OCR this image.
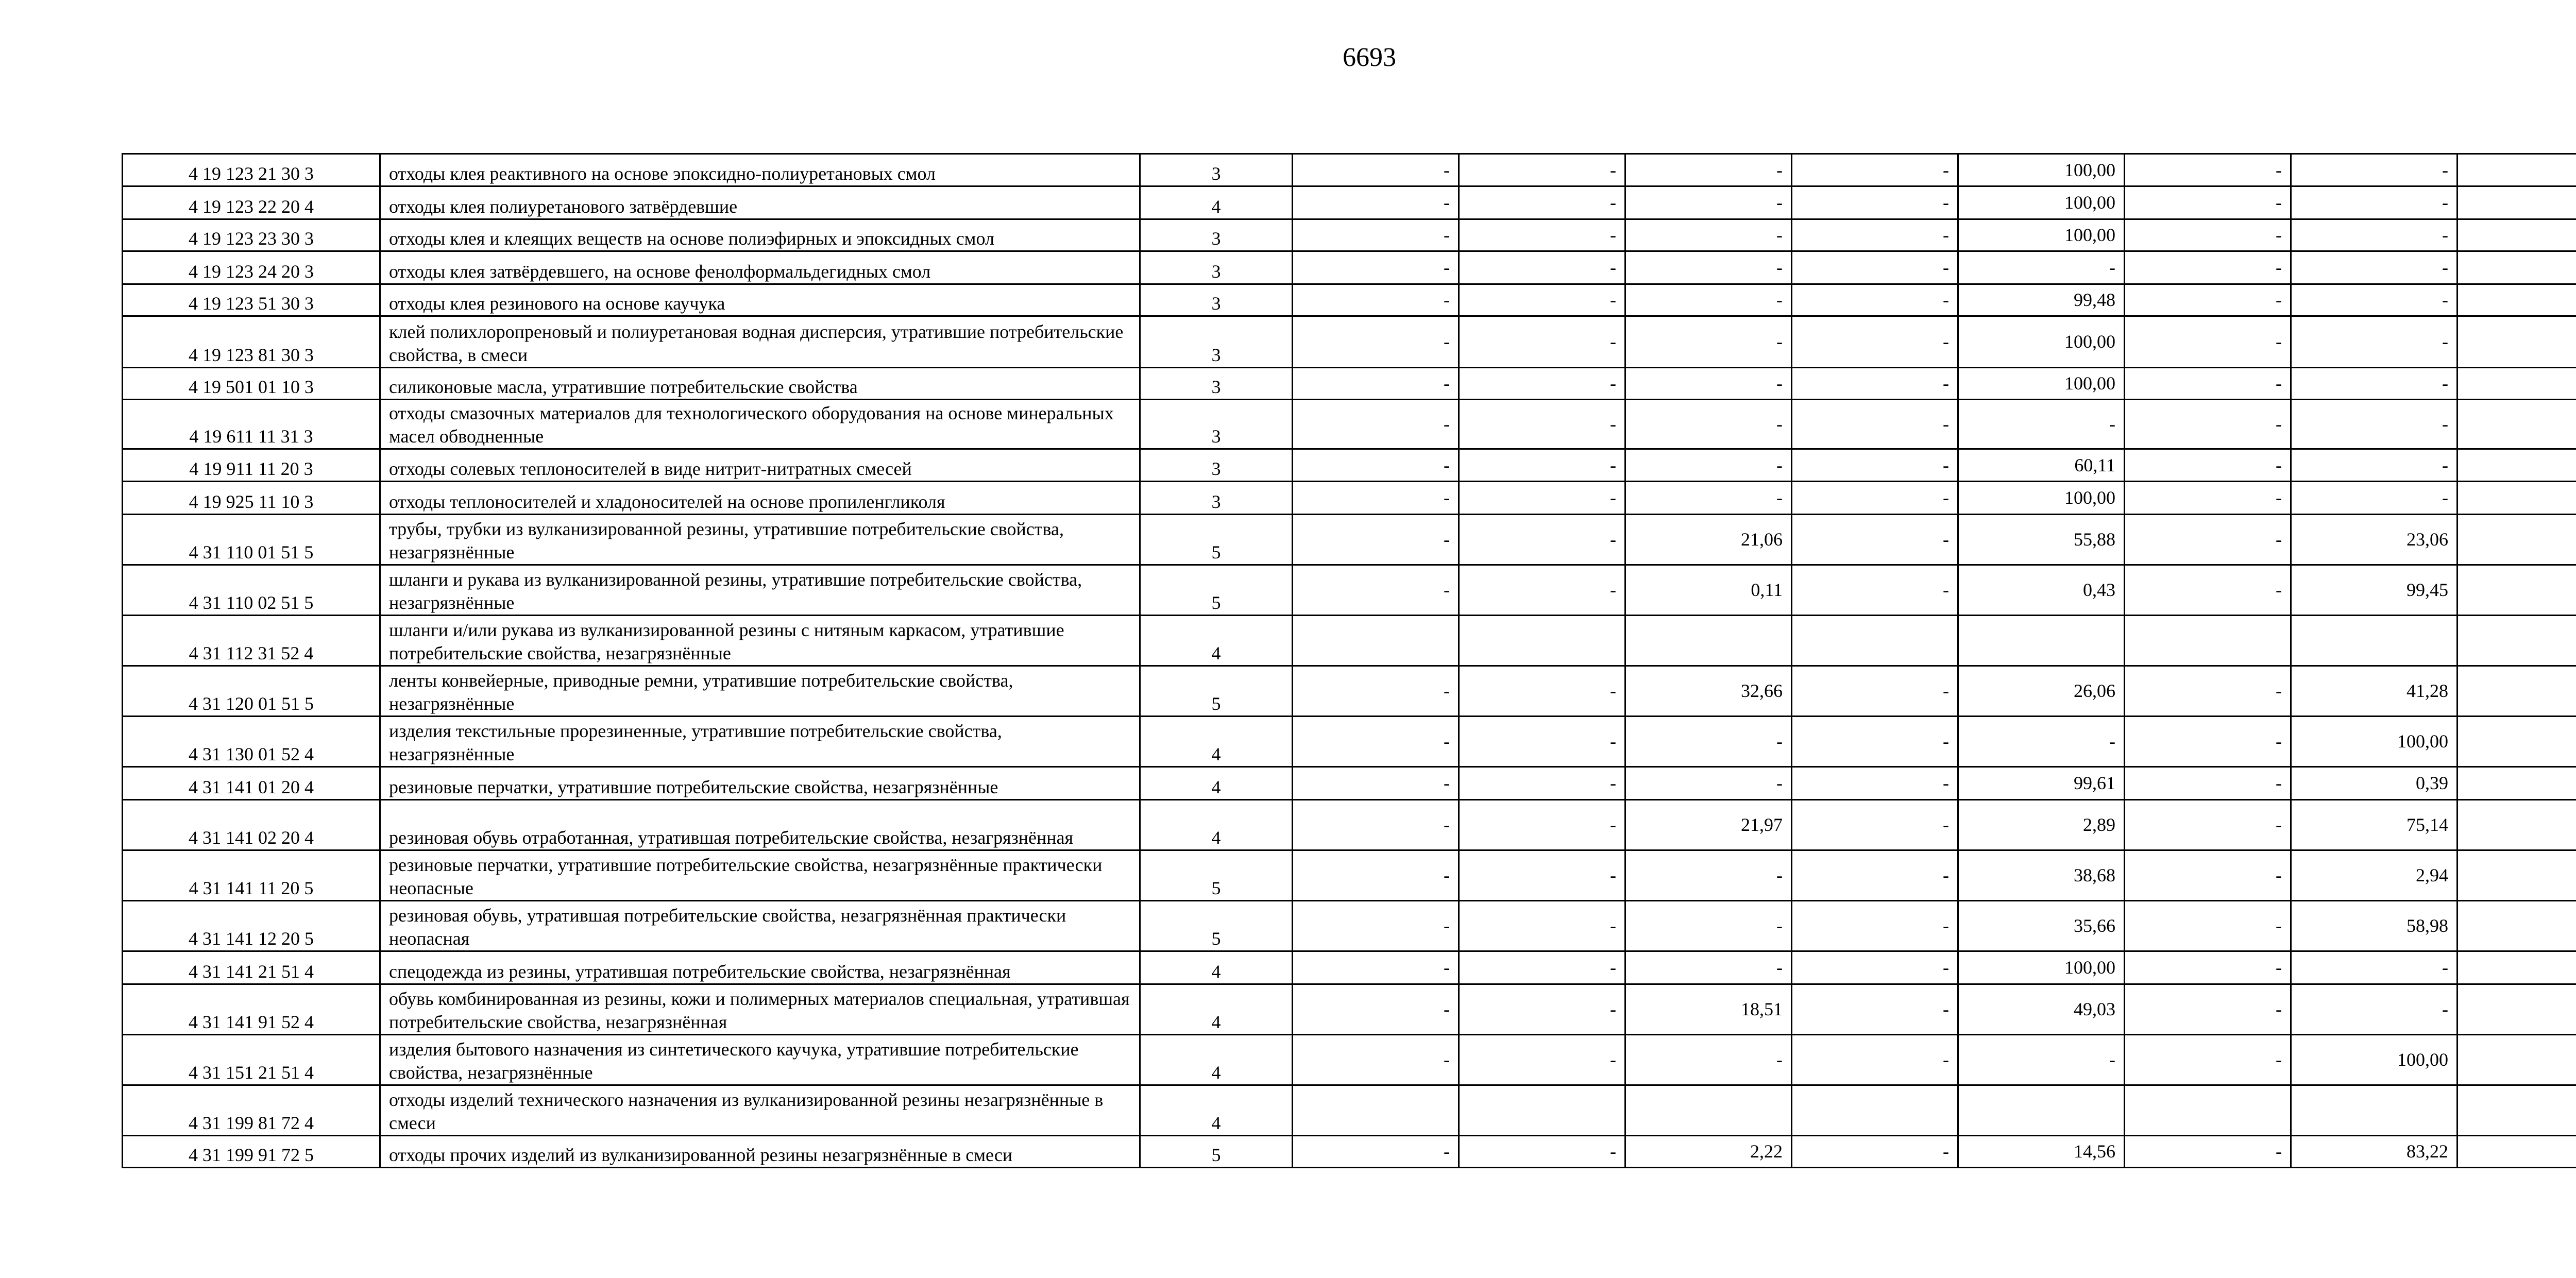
6693
4 19 123 21 30 3	отходы клея реактивного на основе эпоксидно-полиуретановых смол	3	-	-	-	-	100,00	-	-	
4 19 123 22 20 4	отходы клея полиуретанового затвёрдевшие	4	-	-	-	-	100,00	-	-	
4 19 123 23 30 3	отходы клея и клеящих веществ на основе полиэфирных и эпоксидных смол	3	-	-	-	-	100,00	-	-	
4 19 123 24 20 3	отходы клея затвёрдевшего, на основе фенолформальдегидных смол	3	-	-	-	-	-	-	-	
4 19 123 51 30 3	отходы клея резинового на основе каучука	3	-	-	-	-	99,48	-	-	
4 19 123 81 30 3	клей полихлоропреновый и полиуретановая водная дисперсия, утратившие потребительские свойства, в смеси	3	-	-	-	-	100,00	-	-	
4 19 501 01 10 3	силиконовые масла, утратившие потребительские свойства	3	-	-	-	-	100,00	-	-	
4 19 611 11 31 3	отходы смазочных материалов для технологического оборудования на основе минеральных масел обводненные	3	-	-	-	-	-	-	-	
4 19 911 11 20 3	отходы солевых теплоносителей в виде нитрит-нитратных смесей	3	-	-	-	-	60,11	-	-	
4 19 925 11 10 3	отходы теплоносителей и хладоносителей на основе пропиленгликоля	3	-	-	-	-	100,00	-	-	
4 31 110 01 51 5	трубы, трубки из вулканизированной резины, утратившие потребительские свойства, незагрязнённые	5	-	-	21,06	-	55,88	-	23,06	
4 31 110 02 51 5	шланги и рукава из вулканизированной резины, утратившие потребительские свойства, незагрязнённые	5	-	-	0,11	-	0,43	-	99,45	
4 31 112 31 52 4	шланги и/или рукава из вулканизированной резины с нитяным каркасом, утратившие потребительские свойства, незагрязнённые	4								
4 31 120 01 51 5	ленты конвейерные, приводные ремни, утратившие потребительские свойства, незагрязнённые	5	-	-	32,66	-	26,06	-	41,28	
4 31 130 01 52 4	изделия текстильные прорезиненные, утратившие потребительские свойства, незагрязнённые	4	-	-	-	-	-	-	100,00	
4 31 141 01 20 4	резиновые перчатки, утратившие потребительские свойства, незагрязнённые	4	-	-	-	-	99,61	-	0,39	
4 31 141 02 20 4	резиновая обувь отработанная, утратившая потребительские свойства, незагрязнённая	4	-	-	21,97	-	2,89	-	75,14	
4 31 141 11 20 5	резиновые перчатки, утратившие потребительские свойства, незагрязнённые практически неопасные	5	-	-	-	-	38,68	-	2,94	
4 31 141 12 20 5	резиновая обувь, утратившая потребительские свойства, незагрязнённая практически неопасная	5	-	-	-	-	35,66	-	58,98	
4 31 141 21 51 4	спецодежда из резины, утратившая потребительские свойства, незагрязнённая	4	-	-	-	-	100,00	-	-	
4 31 141 91 52 4	обувь комбинированная из резины, кожи и полимерных материалов специальная, утратившая потребительские свойства, незагрязнённая	4	-	-	18,51	-	49,03	-	-	
4 31 151 21 51 4	изделия бытового назначения из синтетического каучука, утратившие потребительские свойства, незагрязнённые	4	-	-	-	-	-	-	100,00	
4 31 199 81 72 4	отходы изделий технического назначения из вулканизированной резины незагрязнённые в смеси	4								
4 31 199 91 72 5	отходы прочих изделий из вулканизированной резины незагрязнённые в смеси	5	-	-	2,22	-	14,56	-	83,22	
